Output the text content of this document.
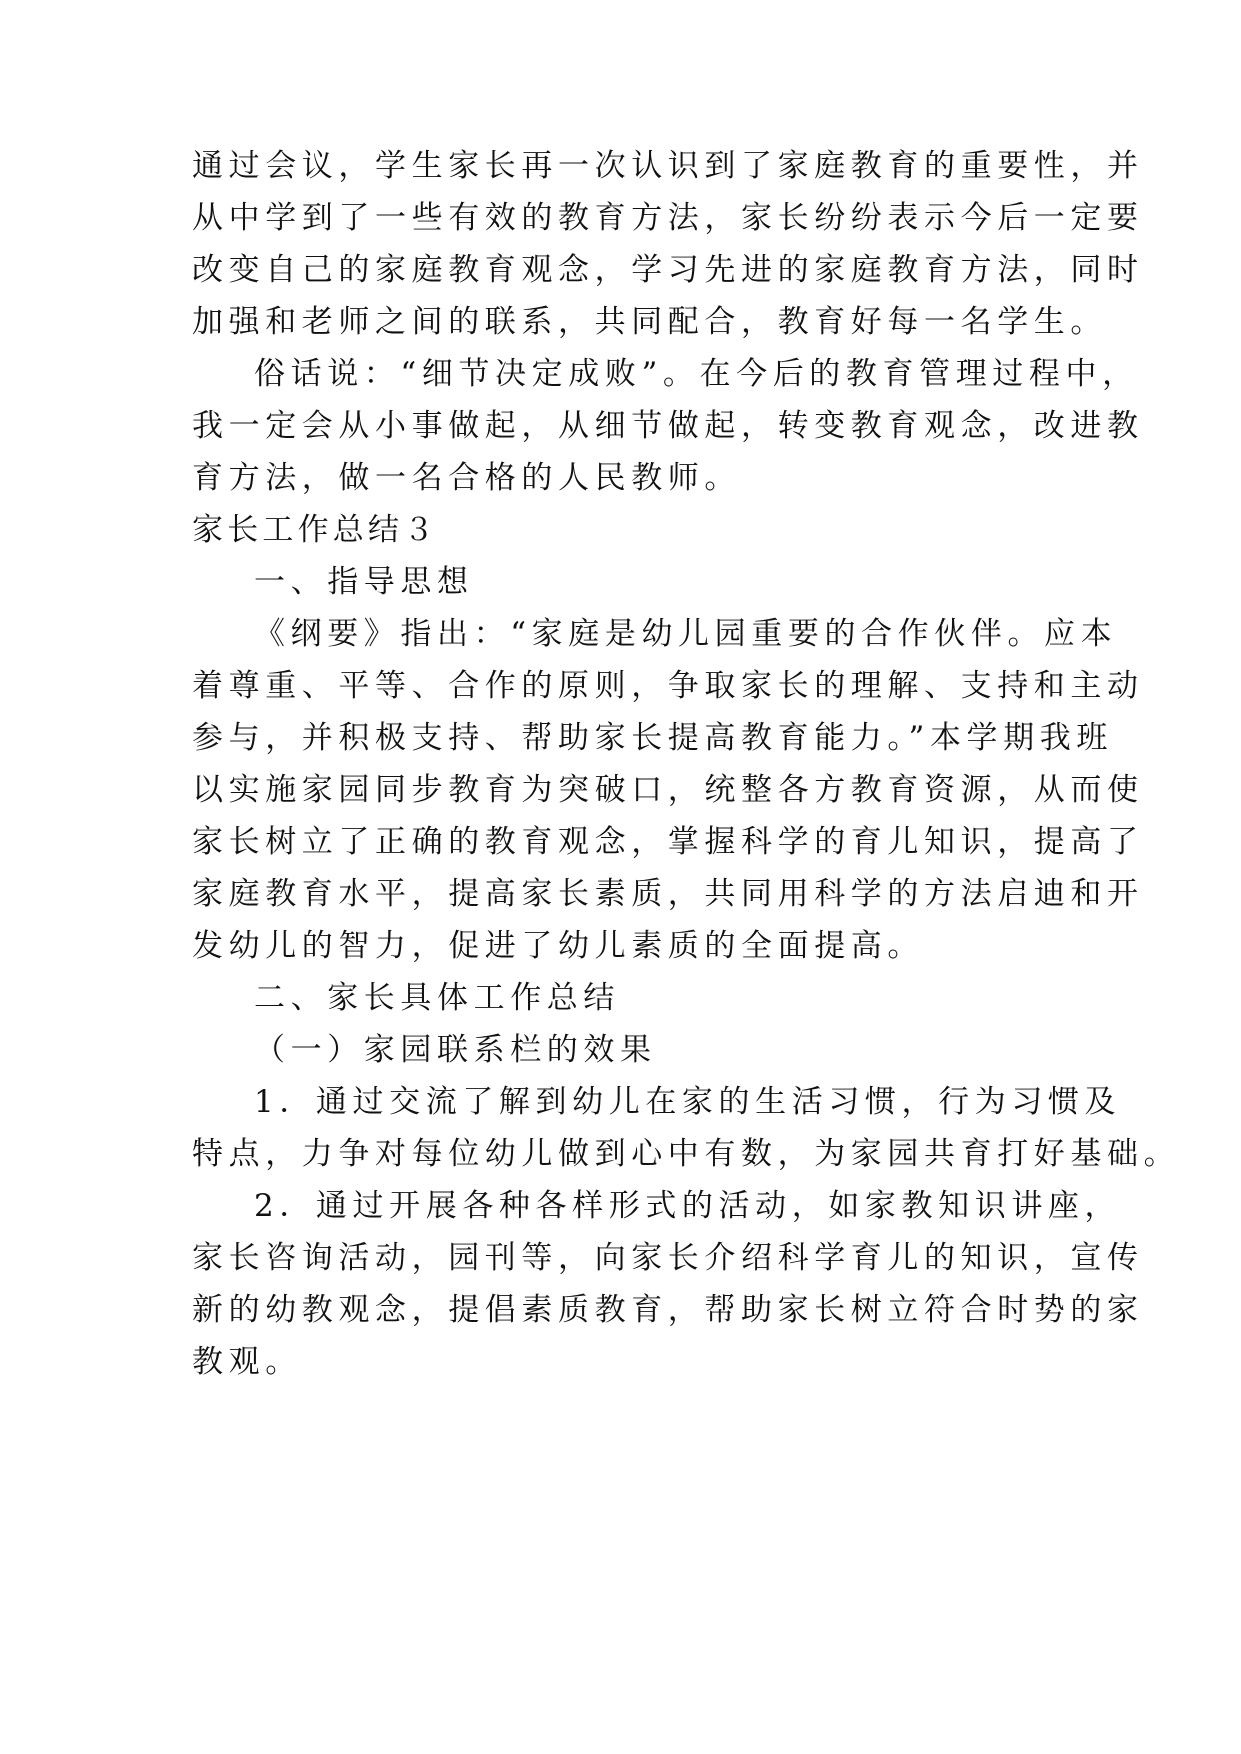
通过会议，学生家长再一次认识到了家庭教育的重要性，并
从中学到了一些有效的教育方法，家长纷纷表示今后一定要
改变自己的家庭教育观念，学习先进的家庭教育方法，同时
加强和老师之间的联系，共同配合，教育好每一名学生。
俗话说：“细节决定成败”。在今后的教育管理过程中，
我一定会从小事做起，从细节做起，转变教育观念，改进教
育方法，做一名合格的人民教师。
家长工作总结３
一、指导思想
《纲要》指出：“家庭是幼儿园重要的合作伙伴。应本
着尊重、平等、合作的原则，争取家长的理解、支持和主动
参与，并积极支持、帮助家长提高教育能力。”本学期我班
以实施家园同步教育为突破口，统整各方教育资源，从而使
家长树立了正确的教育观念，掌握科学的育儿知识，提高了
家庭教育水平，提高家长素质，共同用科学的方法启迪和开
发幼儿的智力，促进了幼儿素质的全面提高。
二、家长具体工作总结
（一）家园联系栏的效果
1．通过交流了解到幼儿在家的生活习惯，行为习惯及
特点，力争对每位幼儿做到心中有数，为家园共育打好基础。
2．通过开展各种各样形式的活动，如家教知识讲座，
家长咨询活动，园刊等，向家长介绍科学育儿的知识，宣传
新的幼教观念，提倡素质教育，帮助家长树立符合时势的家
教观。
